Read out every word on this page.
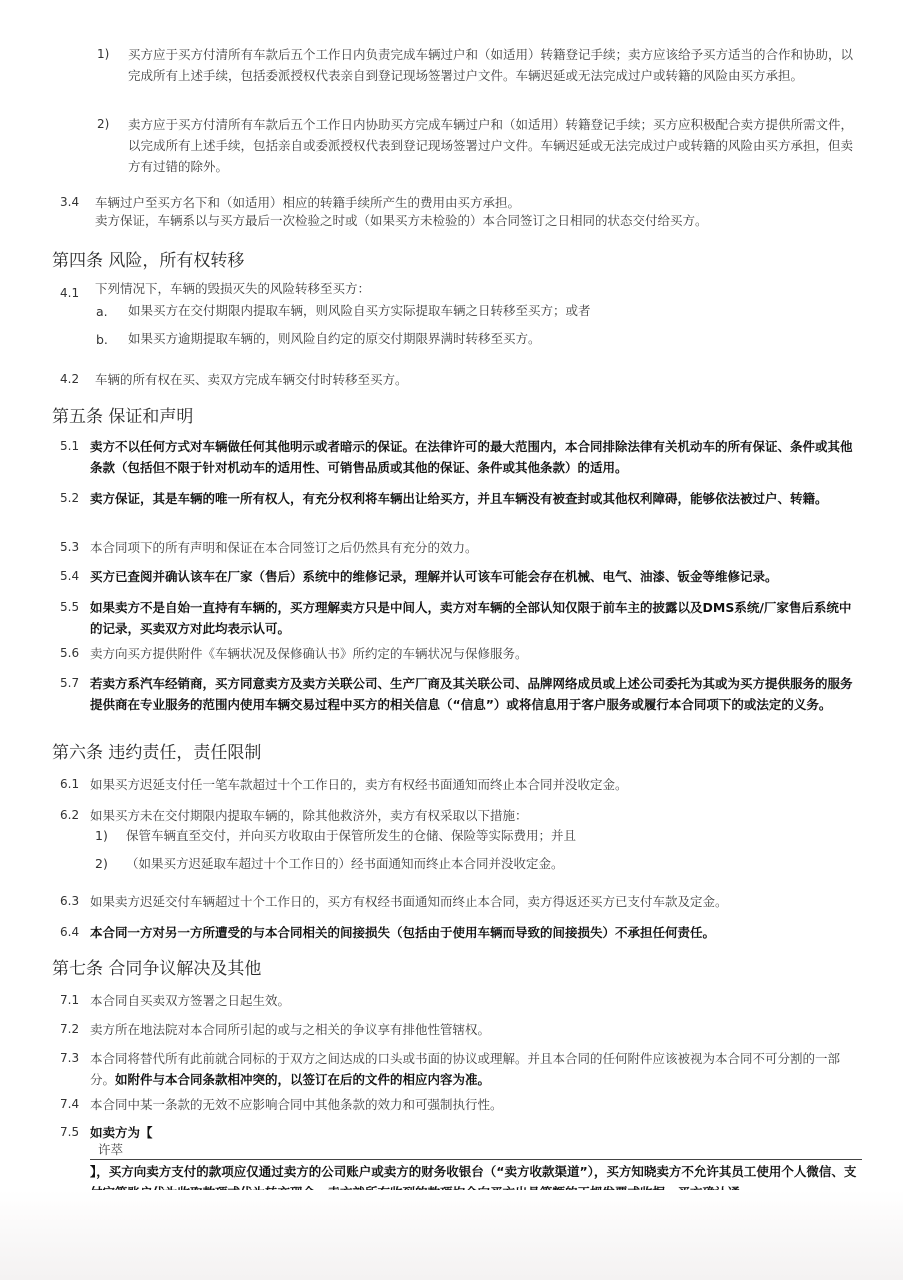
1) 买方应于买方付清所有车款后五个工作日内负责完成车辆过户和（如适用）转籍登记手续；卖方应该给予买方适当的合作和协助，以完成所有上述手续，包括委派授权代表亲自到登记现场签署过户文件。车辆迟延或无法完成过户或转籍的风险由买方承担。
2) 卖方应于买方付清所有车款后五个工作日内协助买方完成车辆过户和（如适用）转籍登记手续；买方应积极配合卖方提供所需文件，以完成所有上述手续，包括亲自或委派授权代表到登记现场签署过户文件。车辆迟延或无法完成过户或转籍的风险由买方承担，但卖方有过错的除外。
3.4 车辆过户至买方名下和（如适用）相应的转籍手续所产生的费用由买方承担。
卖方保证，车辆系以与买方最后一次检验之时或（如果买方未检验的）本合同签订之日相同的状态交付给买方。
第四条 风险，所有权转移
4.1 下列情况下，车辆的毁损灭失的风险转移至买方：
a. 如果买方在交付期限内提取车辆，则风险自买方实际提取车辆之日转移至买方；或者
b. 如果买方逾期提取车辆的，则风险自约定的原交付期限界满时转移至买方。
4.2 车辆的所有权在买、卖双方完成车辆交付时转移至买方。
第五条 保证和声明
5.1 卖方不以任何方式对车辆做任何其他明示或者暗示的保证。在法律许可的最大范围内，本合同排除法律有关机动车的所有保证、条件或其他条款（包括但不限于针对机动车的适用性、可销售品质或其他的保证、条件或其他条款）的适用。
5.2 卖方保证，其是车辆的唯一所有权人，有充分权利将车辆出让给买方，并且车辆没有被查封或其他权利障碍，能够依法被过户、转籍。
5.3 本合同项下的所有声明和保证在本合同签订之后仍然具有充分的效力。
5.4 买方已查阅并确认该车在厂家（售后）系统中的维修记录，理解并认可该车可能会存在机械、电气、油漆、钣金等维修记录。
5.5 如果卖方不是自始一直持有车辆的，买方理解卖方只是中间人，卖方对车辆的全部认知仅限于前车主的披露以及DMS系统/厂家售后系统中的记录，买卖双方对此均表示认可。
5.6 卖方向买方提供附件《车辆状况及保修确认书》所约定的车辆状况与保修服务。
5.7 若卖方系汽车经销商，买方同意卖方及卖方关联公司、生产厂商及其关联公司、品牌网络成员或上述公司委托为其或为买方提供服务的服务提供商在专业服务的范围内使用车辆交易过程中买方的相关信息（“信息”）或将信息用于客户服务或履行本合同项下的或法定的义务。
第六条 违约责任，责任限制
6.1 如果买方迟延支付任一笔车款超过十个工作日的，卖方有权经书面通知而终止本合同并没收定金。
6.2 如果买方未在交付期限内提取车辆的，除其他救济外，卖方有权采取以下措施：
1) 保管车辆直至交付，并向买方收取由于保管所发生的仓储、保险等实际费用；并且
2) （如果买方迟延取车超过十个工作日的）经书面通知而终止本合同并没收定金。
6.3 如果卖方迟延交付车辆超过十个工作日的，买方有权经书面通知而终止本合同，卖方得返还买方已支付车款及定金。
6.4 本合同一方对另一方所遭受的与本合同相关的间接损失（包括由于使用车辆而导致的间接损失）不承担任何责任。
第七条 合同争议解决及其他
7.1 本合同自买卖双方签署之日起生效。
7.2 卖方所在地法院对本合同所引起的或与之相关的争议享有排他性管辖权。
7.3 本合同将替代所有此前就合同标的于双方之间达成的口头或书面的协议或理解。并且本合同的任何附件应该被视为本合同不可分割的一部分。如附件与本合同条款相冲突的，以签订在后的文件的相应内容为准。
7.4 本合同中某一条款的无效不应影响合同中其他条款的效力和可强制执行性。
7.5 如卖方为【
许萃
】，买方向卖方支付的款项应仅通过卖方的公司账户或卖方的财务收银台（“卖方收款渠道”），买方知晓卖方不允许其员工使用个人微信、支
